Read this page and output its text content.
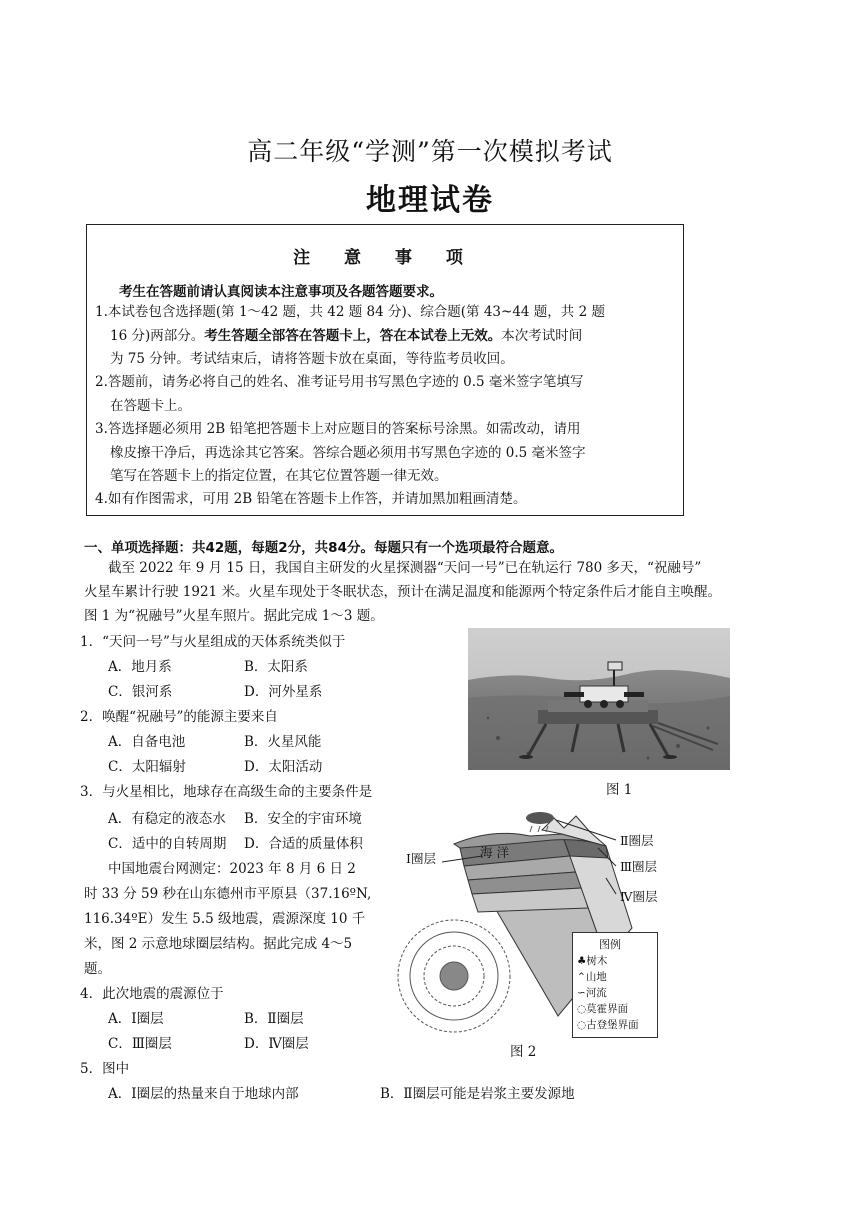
高二年级“学测”第一次模拟考试
地理试卷
注 意 事 项
考生在答题前请认真阅读本注意事项及各题答题要求。
1.本试卷包含选择题(第 1～42 题，共 42 题 84 分)、综合题(第 43~44 题，共 2 题
16 分)两部分。考生答题全部答在答题卡上，答在本试卷上无效。本次考试时间
为 75 分钟。考试结束后，请将答题卡放在桌面，等待监考员收回。
2.答题前，请务必将自己的姓名、准考证号用书写黑色字迹的 0.5 毫米签字笔填写
在答题卡上。
3.答选择题必须用 2B 铅笔把答题卡上对应题目的答案标号涂黑。如需改动，请用
橡皮擦干净后，再选涂其它答案。答综合题必须用书写黑色字迹的 0.5 毫米签字
笔写在答题卡上的指定位置，在其它位置答题一律无效。
4.如有作图需求，可用 2B 铅笔在答题卡上作答，并请加黑加粗画清楚。
一、单项选择题：共42题，每题2分，共84分。每题只有一个选项最符合题意。
截至 2022 年 9 月 15 日，我国自主研发的火星探测器“天问一号”已在轨运行 780 多天，“祝融号”
火星车累计行驶 1921 米。火星车现处于冬眠状态，预计在满足温度和能源两个特定条件后才能自主唤醒。
图 1 为“祝融号”火星车照片。据此完成 1～3 题。
1．“天问一号”与火星组成的天体系统类似于
A．地月系	B．太阳系
C．银河系	D．河外星系
2．唤醒“祝融号”的能源主要来自
A．自备电池	B．火星风能
C．太阳辐射	D．太阳活动
3．与火星相比，地球存在高级生命的主要条件是
A．有稳定的液态水 B．安全的宇宙环境
C．适中的自转周期 D．合适的质量体积
中国地震台网测定：2023 年 8 月 6 日 2
时 33 分 59 秒在山东德州市平原县（37.16ºN,
116.34ºE）发生 5.5 级地震，震源深度 10 千
米，图 2 示意地球圈层结构。据此完成 4～5
题。
4．此次地震的震源位于
A．Ⅰ圈层	B．Ⅱ圈层
C．Ⅲ圈层	D．Ⅳ圈层
5．图中
A．Ⅰ圈层的热量来自于地球内部	B．Ⅱ圈层可能是岩浆主要发源地
图 1
Ⅰ圈层	海 洋
Ⅱ圈层
Ⅲ圈层
Ⅳ圈层
图例
♣树木
⌃山地
∽河流
◌莫霍界面
◌古登堡界面
图 2
